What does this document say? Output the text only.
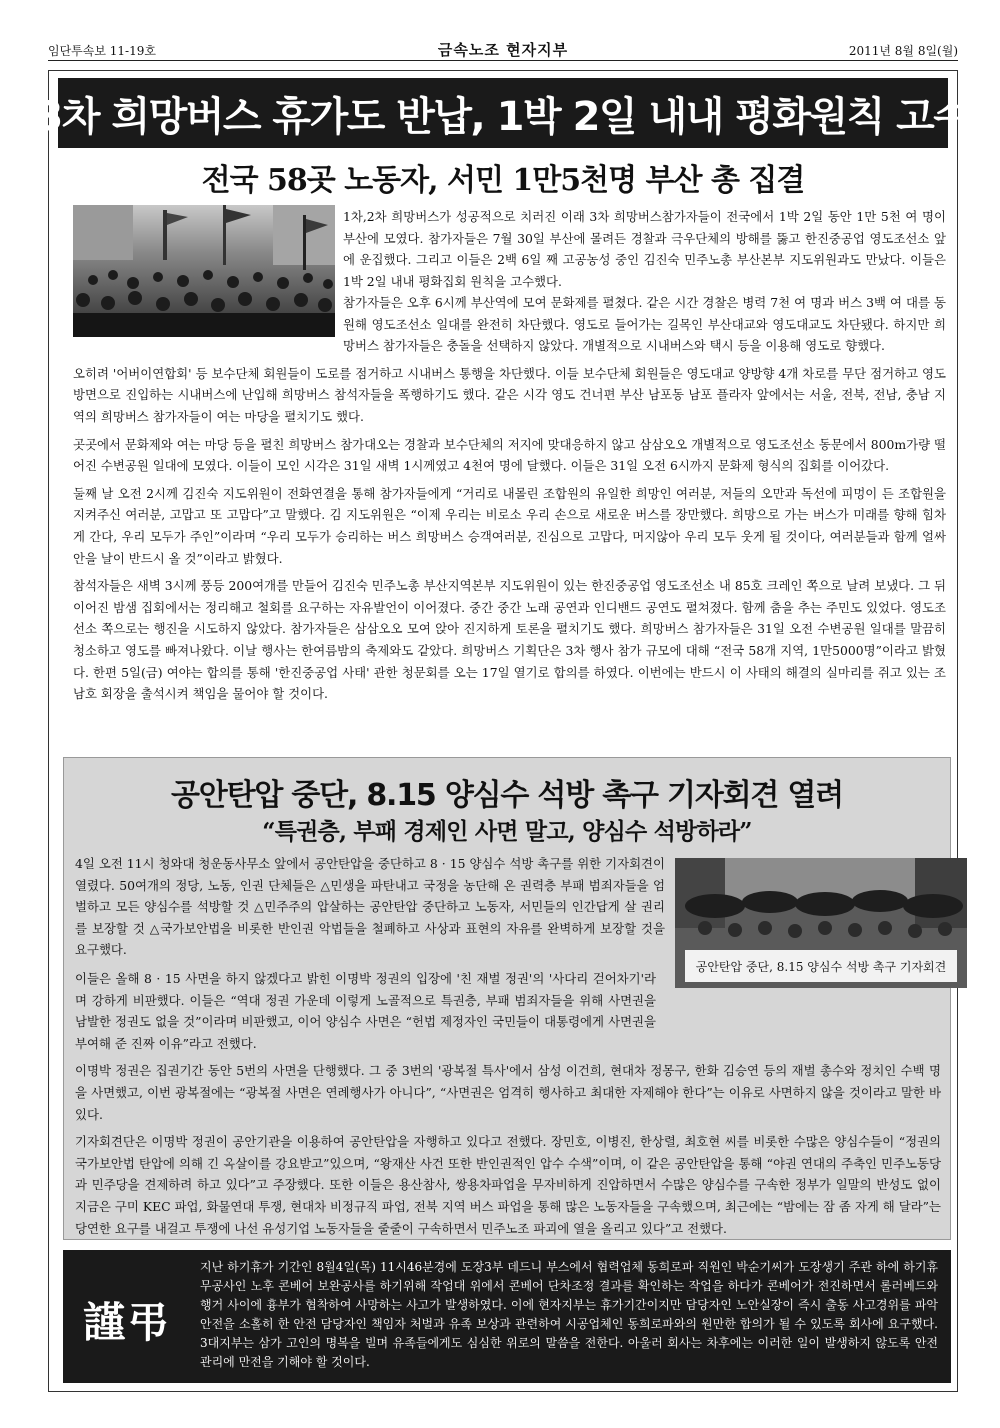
임단투속보 11-19호	금속노조 현자지부	2011년 8월 8일(월)
3차 희망버스 휴가도 반납, 1박 2일 내내 평화원칙 고수
전국 58곳 노동자, 서민 1만5천명 부산 총 집결

1차,2차 희망버스가 성공적으로 치러진 이래 3차 희망버스참가자들이 전국에서 1박 2일 동안 1만 5천 여 명이 부산에 모였다. 참가자들은 7월 30일 부산에 몰려든 경찰과 극우단체의 방해를 뚫고 한진중공업 영도조선소 앞에 운집했다. 그리고 이들은 2백 6일 째 고공농성 중인 김진숙 민주노총 부산본부 지도위원과도 만났다. 이들은 1박 2일 내내 평화집회 원칙을 고수했다.

참가자들은 오후 6시께 부산역에 모여 문화제를 펼쳤다. 같은 시간 경찰은 병력 7천 여 명과 버스 3백 여 대를 동원해 영도조선소 일대를 완전히 차단했다. 영도로 들어가는 길목인 부산대교와 영도대교도 차단됐다. 하지만 희망버스 참가자들은 충돌을 선택하지 않았다. 개별적으로 시내버스와 택시 등을 이용해 영도로 향했다.

오히려 '어버이연합회' 등 보수단체 회원들이 도로를 점거하고 시내버스 통행을 차단했다. 이들 보수단체 회원들은 영도대교 양방향 4개 차로를 무단 점거하고 영도방면으로 진입하는 시내버스에 난입해 희망버스 참석자들을 폭행하기도 했다. 같은 시각 영도 건너편 부산 남포동 남포 플라자 앞에서는 서울, 전북, 전남, 충남 지역의 희망버스 참가자들이 여는 마당을 펼치기도 했다.

곳곳에서 문화제와 여는 마당 등을 펼친 희망버스 참가대오는 경찰과 보수단체의 저지에 맞대응하지 않고 삼삼오오 개별적으로 영도조선소 동문에서 800m가량 떨어진 수변공원 일대에 모였다. 이들이 모인 시각은 31일 새벽 1시께였고 4천여 명에 달했다. 이들은 31일 오전 6시까지 문화제 형식의 집회를 이어갔다.

둘째 날 오전 2시께 김진숙 지도위원이 전화연결을 통해 참가자들에게 “거리로 내몰린 조합원의 유일한 희망인 여러분, 저들의 오만과 독선에 피멍이 든 조합원을 지켜주신 여러분, 고맙고 또 고맙다”고 말했다. 김 지도위원은 “이제 우리는 비로소 우리 손으로 새로운 버스를 장만했다. 희망으로 가는 버스가 미래를 향해 힘차게 간다, 우리 모두가 주인”이라며 “우리 모두가 승리하는 버스 희망버스 승객여러분, 진심으로 고맙다, 머지않아 우리 모두 웃게 될 것이다, 여러분들과 함께 얼싸안을 날이 반드시 올 것”이라고 밝혔다.

참석자들은 새벽 3시께 풍등 200여개를 만들어 김진숙 민주노총 부산지역본부 지도위원이 있는 한진중공업 영도조선소 내 85호 크레인 쪽으로 날려 보냈다. 그 뒤 이어진 밤샘 집회에서는 정리해고 철회를 요구하는 자유발언이 이어졌다. 중간 중간 노래 공연과 인디밴드 공연도 펼쳐졌다. 함께 춤을 추는 주민도 있었다. 영도조선소 쪽으로는 행진을 시도하지 않았다. 참가자들은 삼삼오오 모여 앉아 진지하게 토론을 펼치기도 했다. 희망버스 참가자들은 31일 오전 수변공원 일대를 말끔히 청소하고 영도를 빠져나왔다. 이날 행사는 한여름밤의 축제와도 같았다. 희망버스 기획단은 3차 행사 참가 규모에 대해 “전국 58개 지역, 1만5000명”이라고 밝혔다. 한편 5일(금) 여야는 합의를 통해 '한진중공업 사태' 관한 청문회를 오는 17일 열기로 합의를 하였다. 이번에는 반드시 이 사태의 해결의 실마리를 쥐고 있는 조남호 회장을 출석시켜 책임을 물어야 할 것이다.

공안탄압 중단, 8.15 양심수 석방 촉구 기자회견 열려
“특권층, 부패 경제인 사면 말고, 양심수 석방하라”

4일 오전 11시 청와대 청운동사무소 앞에서 공안탄압을 중단하고 8 · 15 양심수 석방 촉구를 위한 기자회견이 열렸다. 50여개의 정당, 노동, 인권 단체들은 △민생을 파탄내고 국정을 농단해 온 권력층 부패 범죄자들을 엄벌하고 모든 양심수를 석방할 것 △민주주의 압살하는 공안탄압 중단하고 노동자, 서민들의 인간답게 살 권리를 보장할 것 △국가보안법을 비롯한 반인권 악법들을 철폐하고 사상과 표현의 자유를 완벽하게 보장할 것을 요구했다.

공안탄압 중단, 8.15 양심수 석방 촉구 기자회견

이들은 올해 8 · 15 사면을 하지 않겠다고 밝힌 이명박 정권의 입장에 '친 재벌 정권'의 '사다리 걷어차기'라며 강하게 비판했다. 이들은 “역대 정권 가운데 이렇게 노골적으로 특권층, 부패 범죄자들을 위해 사면권을 남발한 정권도 없을 것”이라며 비판했고, 이어 양심수 사면은 “헌법 제정자인 국민들이 대통령에게 사면권을 부여해 준 진짜 이유”라고 전했다.

이명박 정권은 집권기간 동안 5번의 사면을 단행했다. 그 중 3번의 '광복절 특사'에서 삼성 이건희, 현대차 정몽구, 한화 김승연 등의 재벌 총수와 정치인 수백 명을 사면했고, 이번 광복절에는 “광복절 사면은 연례행사가 아니다”, “사면권은 엄격히 행사하고 최대한 자제해야 한다”는 이유로 사면하지 않을 것이라고 말한 바 있다.

기자회견단은 이명박 정권이 공안기관을 이용하여 공안탄압을 자행하고 있다고 전했다. 장민호, 이병진, 한상렬, 최호현 씨를 비롯한 수많은 양심수들이 “정권의 국가보안법 탄압에 의해 긴 옥살이를 강요받고”있으며, “왕재산 사건 또한 반인권적인 압수 수색”이며, 이 같은 공안탄압을 통해 “야권 연대의 주축인 민주노동당과 민주당을 견제하려 하고 있다”고 주장했다. 또한 이들은 용산참사, 쌍용차파업을 무자비하게 진압하면서 수많은 양심수를 구속한 정부가 일말의 반성도 없이 지금은 구미 KEC 파업, 화물연대 투쟁, 현대차 비정규직 파업, 전북 지역 버스 파업을 통해 많은 노동자들을 구속했으며, 최근에는 “밤에는 잠 좀 자게 해 달라”는 당연한 요구를 내걸고 투쟁에 나선 유성기업 노동자들을 줄줄이 구속하면서 민주노조 파괴에 열을 올리고 있다”고 전했다.

謹弔
지난 하기휴가 기간인 8월4일(목) 11시46분경에 도장3부 데드니 부스에서 협력업체 동희로파 직원인 박순기씨가 도장생기 주관 하에 하기휴무공사인 노후 콘베어 보완공사를 하기위해 작업대 위에서 콘베어 단차조정 결과를 확인하는 작업을 하다가 콘베어가 전진하면서 롤러베드와 행거 사이에 흉부가 협착하여 사망하는 사고가 발생하였다. 이에 현자지부는 휴가기간이지만 담당자인 노안실장이 즉시 출동 사고경위를 파악 안전을 소홀히 한 안전 담당자인 책임자 처벌과 유족 보상과 관련하여 시공업체인 동희로파와의 원만한 합의가 될 수 있도록 회사에 요구했다. 3대지부는 삼가 고인의 명복을 빌며 유족들에게도 심심한 위로의 말씀을 전한다. 아울러 회사는 차후에는 이러한 일이 발생하지 않도록 안전 관리에 만전을 기해야 할 것이다.
